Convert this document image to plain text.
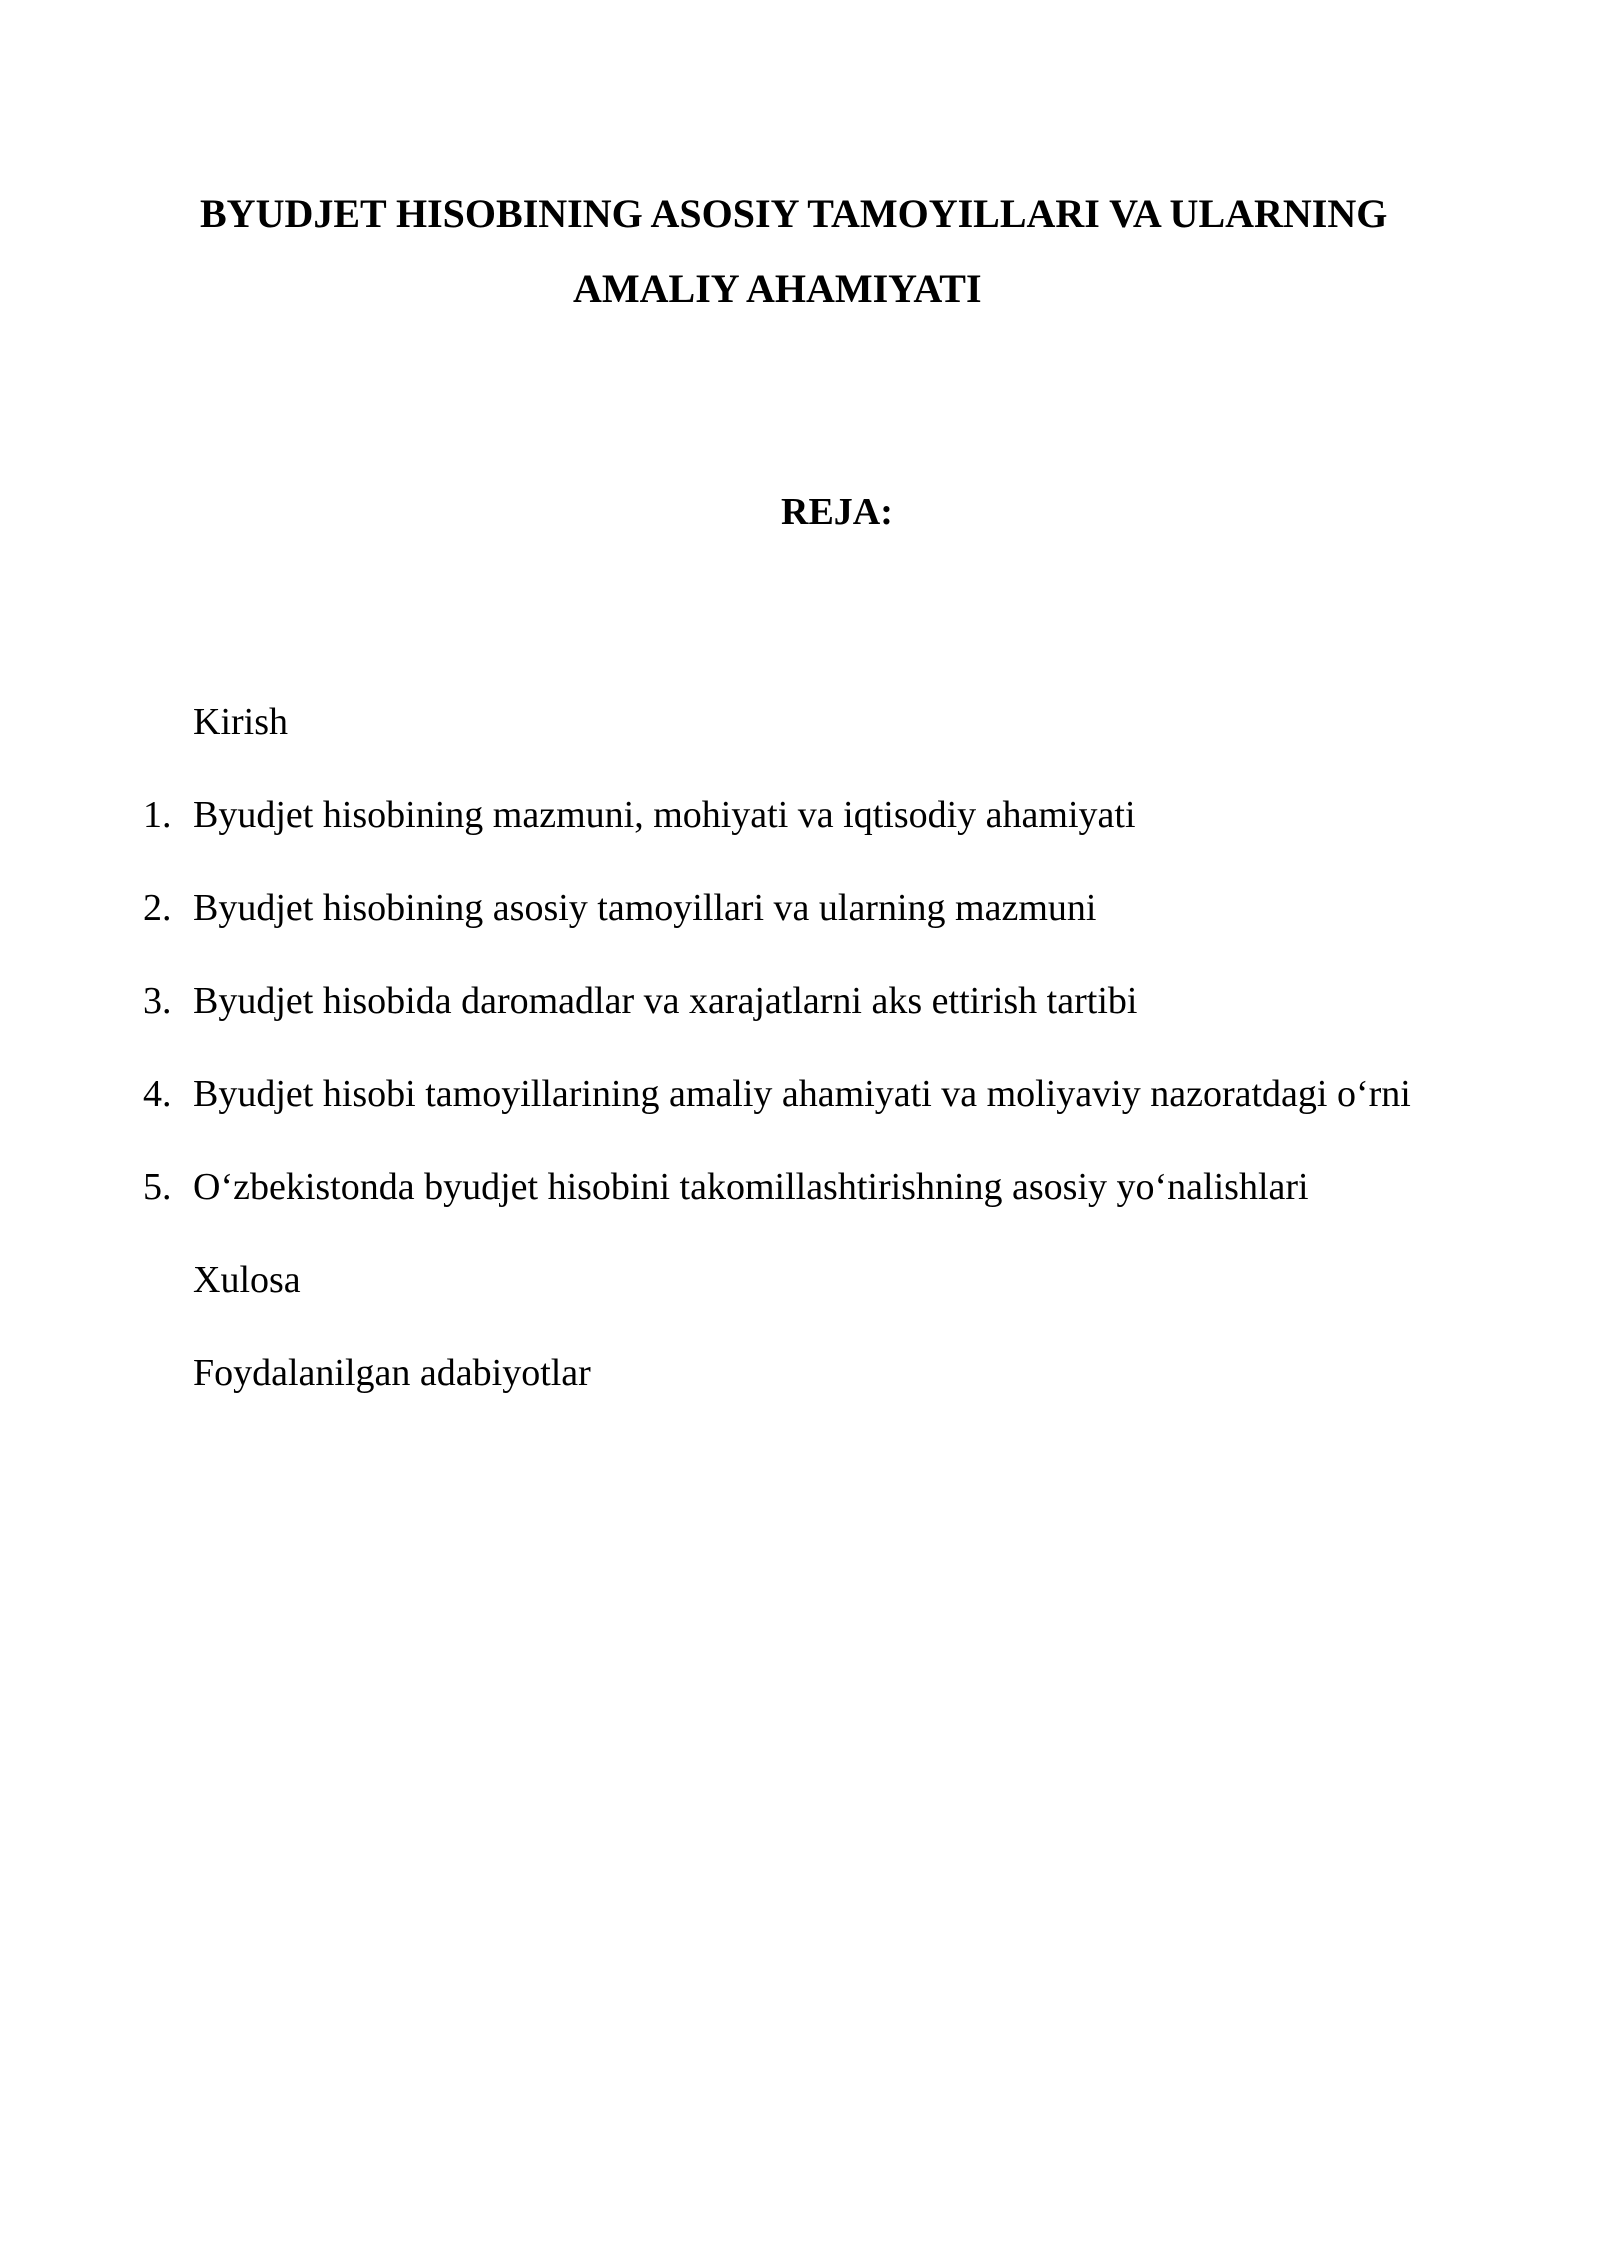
BYUDJET HISOBINING ASOSIY TAMOYILLARI VA ULARNING
AMALIY AHAMIYATI
REJA:
Kirish
1. Byudjet hisobining mazmuni, mohiyati va iqtisodiy ahamiyati
2. Byudjet hisobining asosiy tamoyillari va ularning mazmuni
3. Byudjet hisobida daromadlar va xarajatlarni aks ettirish tartibi
4. Byudjet hisobi tamoyillarining amaliy ahamiyati va moliyaviy nazoratdagi o‘rni
5. O‘zbekistonda byudjet hisobini takomillashtirishning asosiy yo‘nalishlari
Xulosa
Foydalanilgan adabiyotlar
